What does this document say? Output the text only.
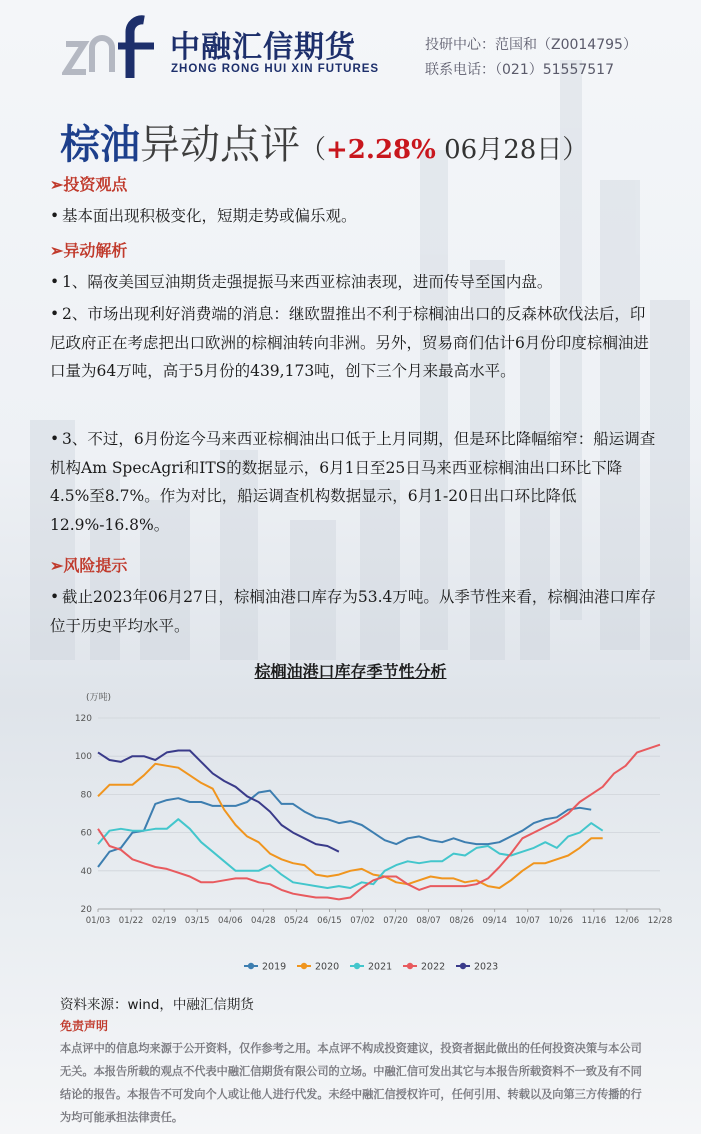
中融汇信期货
ZHONG RONG HUI XIN FUTURES
投研中心：范国和（Z0014795）
联系电话：（021）51557517
棕油异动点评（+2.28% 06月28日）
➢投资观点
• 基本面出现积极变化，短期走势或偏乐观。
➢异动解析
• 1、隔夜美国豆油期货走强提振马来西亚棕油表现，进而传导至国内盘。
• 2、市场出现利好消费端的消息：继欧盟推出不利于棕榈油出口的反森林砍伐法后，印尼政府正在考虑把出口欧洲的棕榈油转向非洲。另外，贸易商们估计6月份印度棕榈油进口量为64万吨，高于5月份的439,173吨，创下三个月来最高水平。
• 3、不过，6月份迄今马来西亚棕榈油出口低于上月同期，但是环比降幅缩窄：船运调查机构Am SpecAgri和ITS的数据显示，6月1日至25日马来西亚棕榈油出口环比下降4.5%至8.7%。作为对比，船运调查机构数据显示，6月1-20日出口环比降低12.9%-16.8%。
➢风险提示
• 截止2023年06月27日，棕榈油港口库存为53.4万吨。从季节性来看，棕榈油港口库存位于历史平均水平。
棕榈油港口库存季节性分析
20
40
60
80
100
120
(万吨)
01/03 01/22 02/19 03/15 04/06 04/28 05/24 06/15 07/02 07/20 08/07 08/26 09/14 10/07 10/26 11/16 12/06 12/28
2019	2020	2021	2022	2023
资料来源：wind，中融汇信期货
免责声明
本点评中的信息均来源于公开资料，仅作参考之用。本点评不构成投资建议，投资者据此做出的任何投资决策与本公司无关。本报告所载的观点不代表中融汇信期货有限公司的立场。中融汇信可发出其它与本报告所载资料不一致及有不同结论的报告。本报告不可发向个人或让他人进行代发。未经中融汇信授权许可，任何引用、转载以及向第三方传播的行为均可能承担法律责任。
